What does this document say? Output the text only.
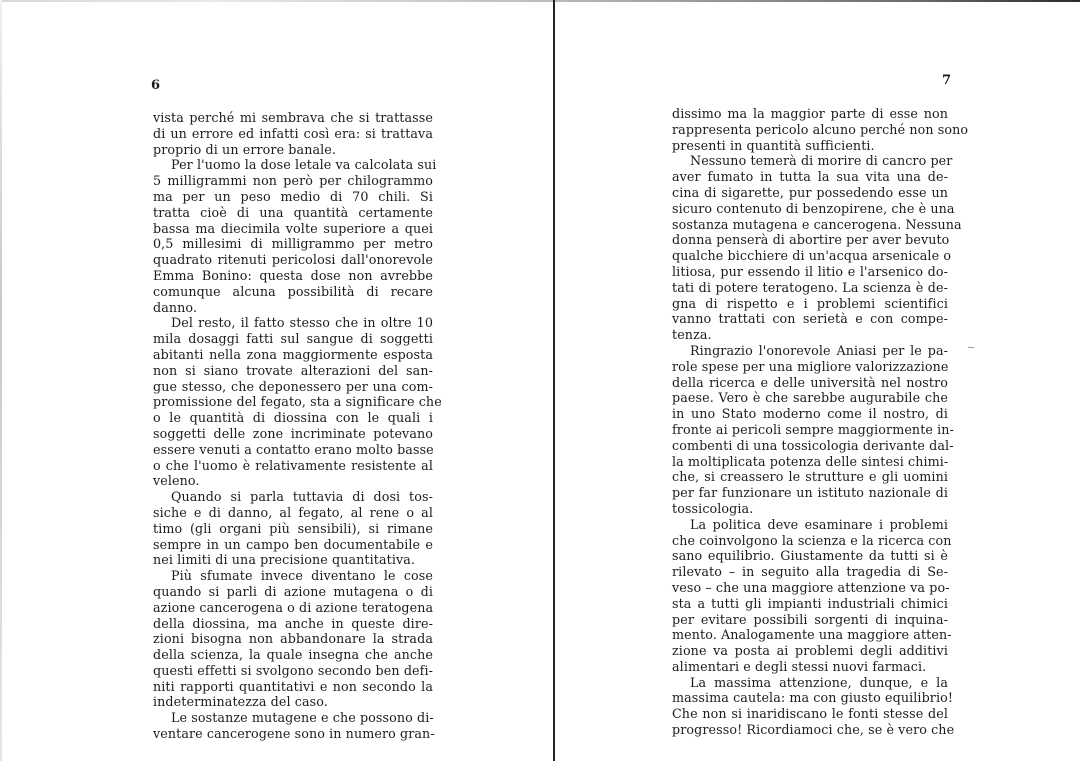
6
vista perché mi sembrava che si trattasse
di un errore ed infatti così era: si trattava
proprio di un errore banale.
Per l'uomo la dose letale va calcolata sui
5 milligrammi non però per chilogrammo
ma per un peso medio di 70 chili. Si
tratta cioè di una quantità certamente
bassa ma diecimila volte superiore a quei
0,5 millesimi di milligrammo per metro
quadrato ritenuti pericolosi dall'onorevole
Emma Bonino: questa dose non avrebbe
comunque alcuna possibilità di recare
danno.
Del resto, il fatto stesso che in oltre 10
mila dosaggi fatti sul sangue di soggetti
abitanti nella zona maggiormente esposta
non si siano trovate alterazioni del san-
gue stesso, che deponessero per una com-
promissione del fegato, sta a significare che
o le quantità di diossina con le quali i
soggetti delle zone incriminate potevano
essere venuti a contatto erano molto basse
o che l'uomo è relativamente resistente al
veleno.
Quando si parla tuttavia di dosi tos-
siche e di danno, al fegato, al rene o al
timo (gli organi più sensibili), si rimane
sempre in un campo ben documentabile e
nei limiti di una precisione quantitativa.
Più sfumate invece diventano le cose
quando si parli di azione mutagena o di
azione cancerogena o di azione teratogena
della diossina, ma anche in queste dire-
zioni bisogna non abbandonare la strada
della scienza, la quale insegna che anche
questi effetti si svolgono secondo ben defi-
niti rapporti quantitativi e non secondo la
indeterminatezza del caso.
Le sostanze mutagene e che possono di-
ventare cancerogene sono in numero gran-
7
dissimo ma la maggior parte di esse non
rappresenta pericolo alcuno perché non sono
presenti in quantità sufficienti.
Nessuno temerà di morire di cancro per
aver fumato in tutta la sua vita una de-
cina di sigarette, pur possedendo esse un
sicuro contenuto di benzopirene, che è una
sostanza mutagena e cancerogena. Nessuna
donna penserà di abortire per aver bevuto
qualche bicchiere di un'acqua arsenicale o
litiosa, pur essendo il litio e l'arsenico do-
tati di potere teratogeno. La scienza è de-
gna di rispetto e i problemi scientifici
vanno trattati con serietà e con compe-
tenza.
Ringrazio l'onorevole Aniasi per le pa-
role spese per una migliore valorizzazione
della ricerca e delle università nel nostro
paese. Vero è che sarebbe augurabile che
in uno Stato moderno come il nostro, di
fronte ai pericoli sempre maggiormente in-
combenti di una tossicologia derivante dal-
la moltiplicata potenza delle sintesi chimi-
che, si creassero le strutture e gli uomini
per far funzionare un istituto nazionale di
tossicologia.
La politica deve esaminare i problemi
che coinvolgono la scienza e la ricerca con
sano equilibrio. Giustamente da tutti si è
rilevato – in seguito alla tragedia di Se-
veso – che una maggiore attenzione va po-
sta a tutti gli impianti industriali chimici
per evitare possibili sorgenti di inquina-
mento. Analogamente una maggiore atten-
zione va posta ai problemi degli additivi
alimentari e degli stessi nuovi farmaci.
La massima attenzione, dunque, e la
massima cautela: ma con giusto equilibrio!
Che non si inaridiscano le fonti stesse del
progresso! Ricordiamoci che, se è vero che
